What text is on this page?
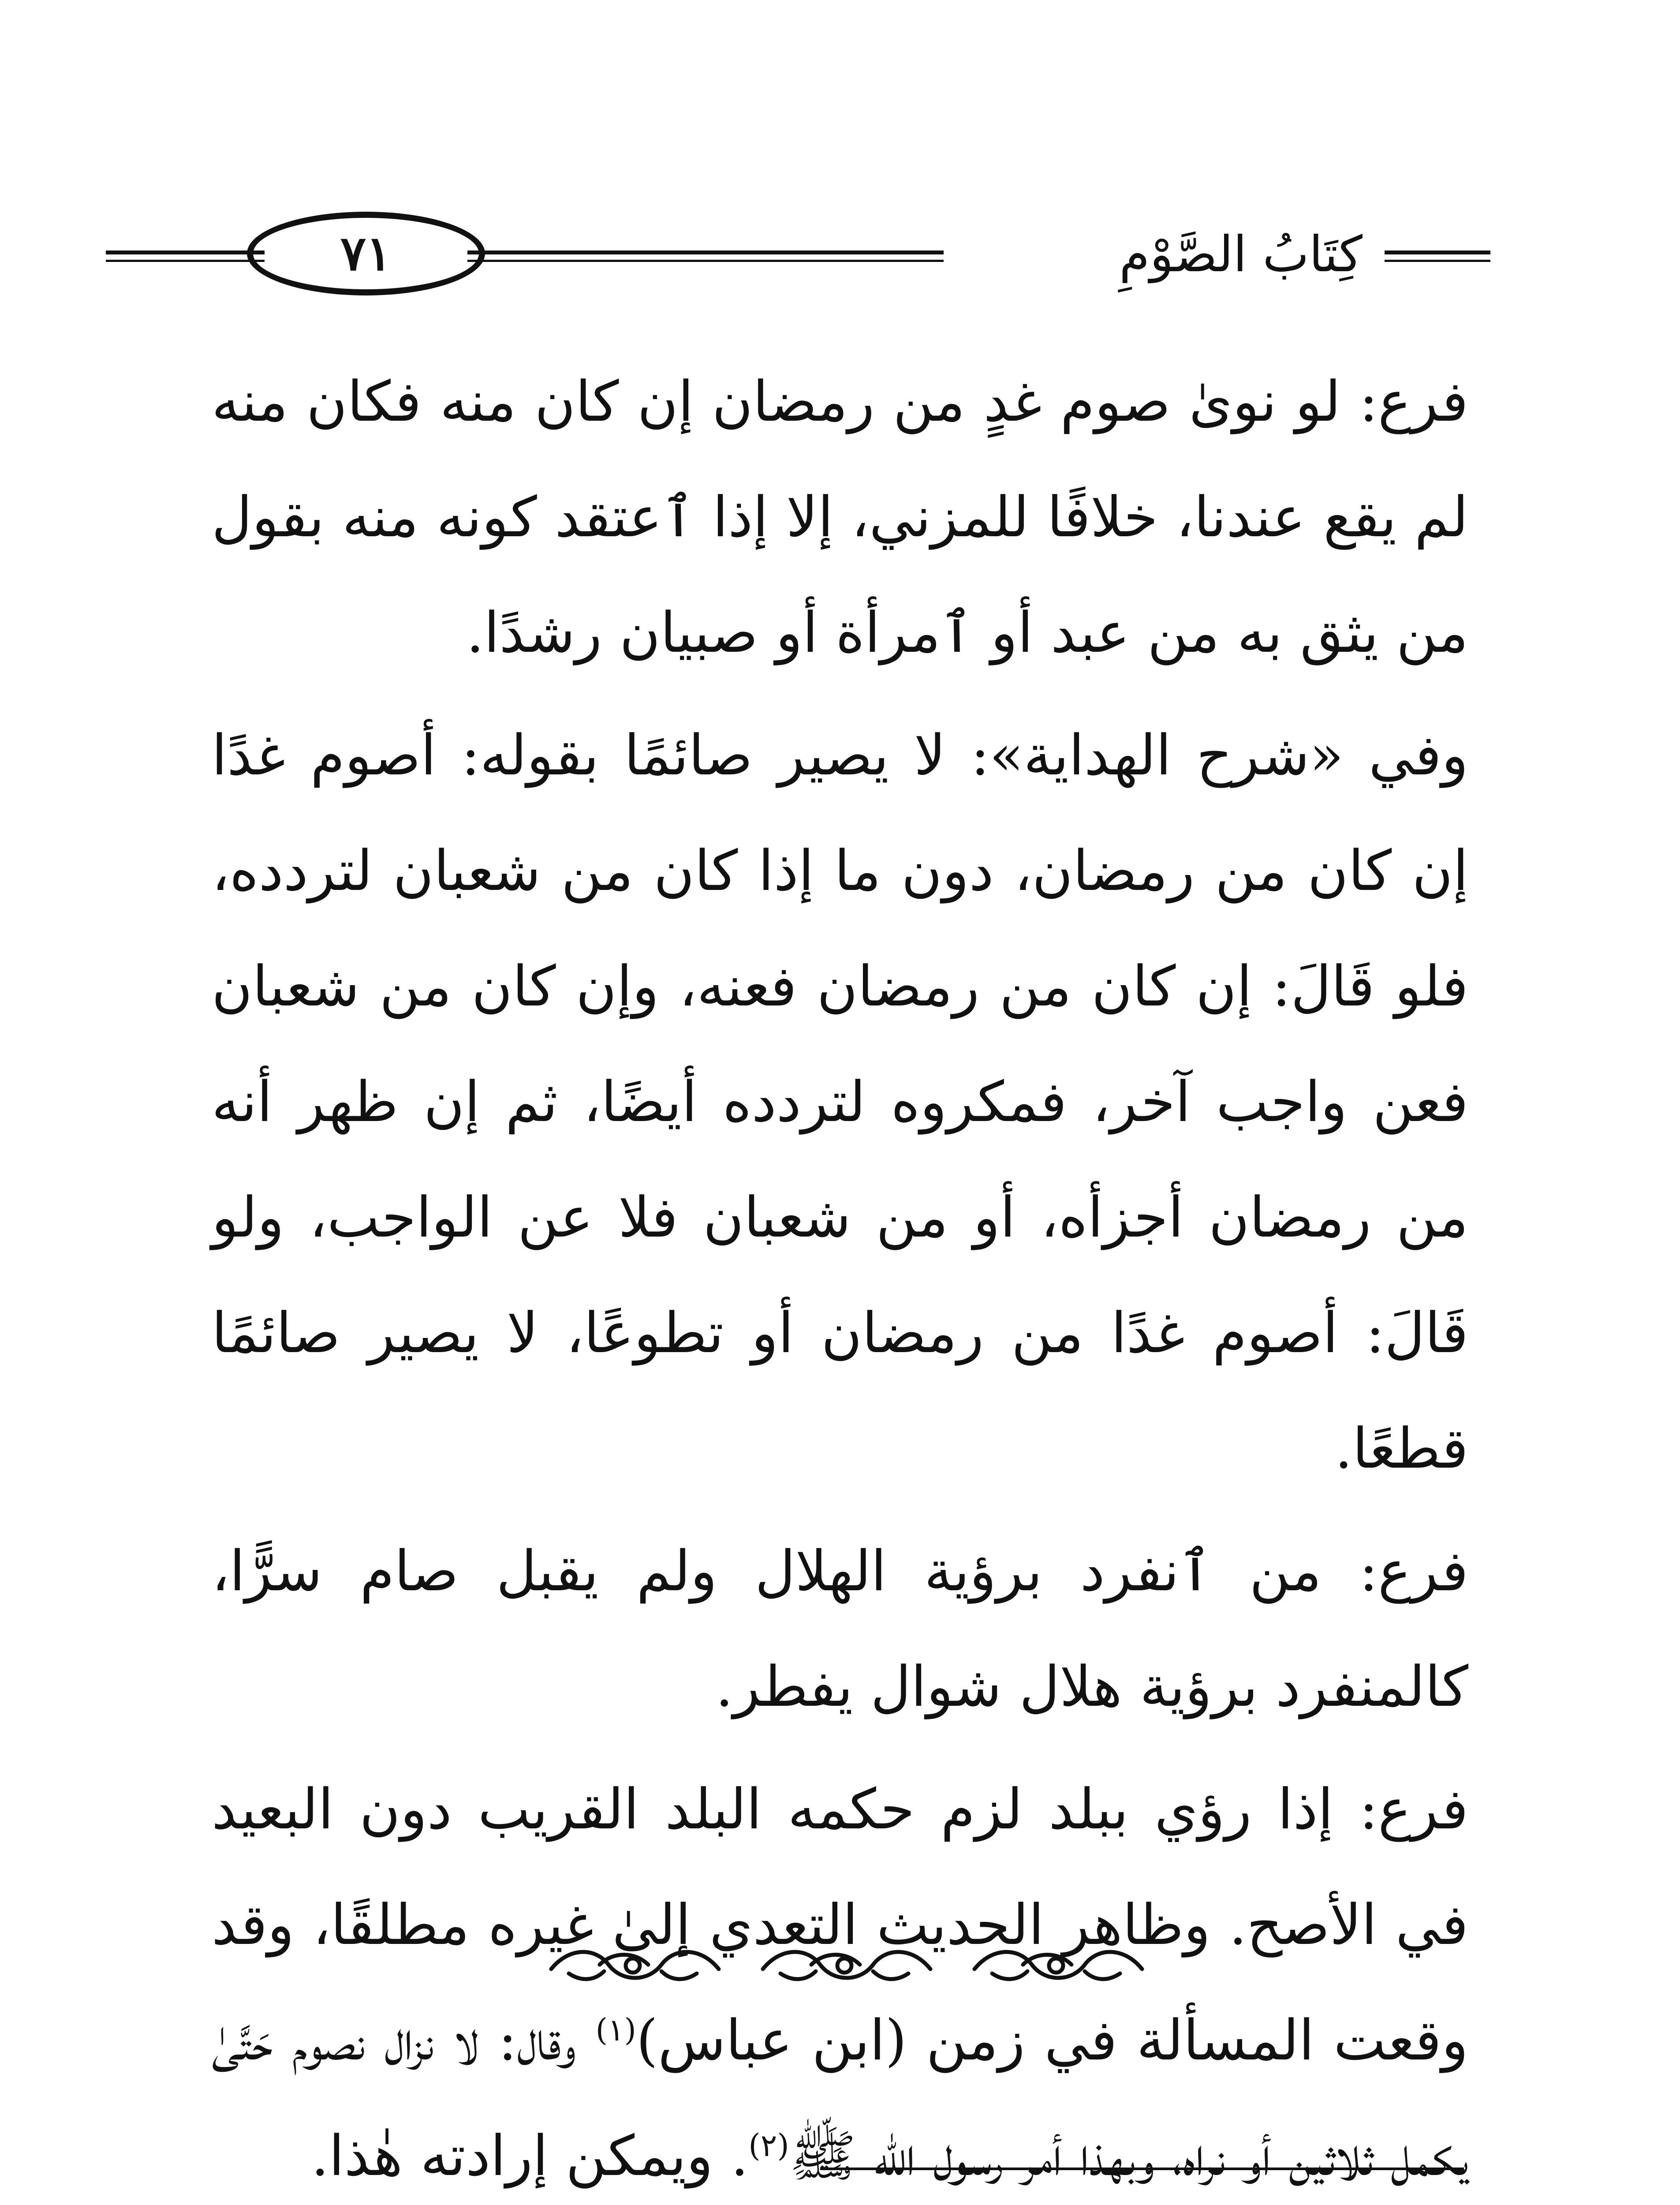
كِتَابُ الصَّوْمِ
٧١

فرع: لو نوىٰ صوم غدٍ من رمضان إن كان منه فكان منه لم يقع عندنا، خلافًا للمزني، إلا إذا ٱعتقد كونه منه بقول من يثق به من عبد أو ٱمرأة أو صبيان رشدًا.

وفي «شرح الهداية»: لا يصير صائمًا بقوله: أصوم غدًا إن كان من رمضان، دون ما إذا كان من شعبان لتردده، فلو قَالَ: إن كان من رمضان فعنه، وإن كان من شعبان فعن واجب آخر، فمكروه لتردده أيضًا، ثم إن ظهر أنه من رمضان أجزأه، أو من شعبان فلا عن الواجب، ولو قَالَ: أصوم غدًا من رمضان أو تطوعًا، لا يصير صائمًا قطعًا.

فرع: من ٱنفرد برؤية الهلال ولم يقبل صام سرًّا، كالمنفرد برؤية هلال شوال يفطر.

فرع: إذا رؤي ببلد لزم حكمه البلد القريب دون البعيد في الأصح. وظاهر الحديث التعدي إلىٰ غيره مطلقًا، وقد وقعت المسألة في زمن (ابن عباس)$^{(١)}$ وقال: لا نزال نصوم حَتَّىٰ يكمل ثلاثين أو نراه، وبهذا أمر رسول الله ﷺ$^{(٢)}$. ويمكن إرادته هٰذا.
